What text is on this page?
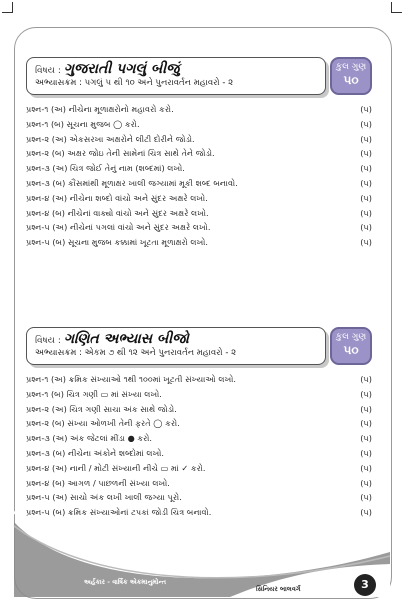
વિષય : ગુજરાતી પગલું બીજું
અભ્યાસક્રમ : પગલું ૫ થી ૧૦ અને પુનરાવર્તન મહાવરો - ૨
કુલ ગુણ
૫૦
પ્રશ્ન-૧ (અ) નીચેના મૂળાક્ષરોનો મહાવરો કરો.	(૫)
પ્રશ્ન-૧ (બ) સૂચના મુજબ ◯ કરો.	(૫)
પ્રશ્ન-૨ (અ) એકસરખા અક્ષરોને લીટી દોરીને જોડો.	(૫)
પ્રશ્ન-૨ (બ) અક્ષર જોઇ તેની સામેનાં ચિત્ર સાથે તેને જોડો.	(૫)
પ્રશ્ન-૩ (અ) ચિત્ર જોઈ તેનું નામ (શબ્દમાં) લખો.	(૫)
પ્રશ્ન-૩ (બ) કૌંસમાંથી મૂળાક્ષર ખાલી જગ્યામાં મૂકી શબ્દ બનાવો.	(૫)
પ્રશ્ન-૪ (અ) નીચેના શબ્દો વાંચો અને સુંદર અક્ષરે લખો.	(૫)
પ્રશ્ન-૪ (બ) નીચેનાં વાક્યો વાંચો અને સુંદર અક્ષરે લખો.	(૫)
પ્રશ્ન-૫ (અ) નીચેનાં પગલાં વાંચો અને સુંદર અક્ષરે લખો.	(૫)
પ્રશ્ન-૫ (બ) સૂચના મુજબ કક્કામાં ખૂટતા મૂળાક્ષરો લખો.	(૫)
વિષય : ગણિત અભ્યાસ બીજો
અભ્યાસક્રમ : એકમ ૭ થી ૧૨ અને પુનરાવર્તન મહાવરો - ૨
કુલ ગુણ
૫૦
પ્રશ્ન-૧ (અ) ક્રમિક સંખ્યાઓ ૧થી ૧૦૦માં ખૂટતી સંખ્યાઓ લખો.	(૫)
પ્રશ્ન-૧ (બ) ચિત્ર ગણી ▭ માં સંખ્યા લખો.	(૫)
પ્રશ્ન-૨ (અ) ચિત્ર ગણી સાચા અંક સાથે જોડો.	(૫)
પ્રશ્ન-૨ (બ) સંખ્યા ઓળખી તેની ફરતે ◯ કરો.	(૫)
પ્રશ્ન-૩ (અ) અંક જેટલાં મીંડા ● કરો.	(૫)
પ્રશ્ન-૩ (બ) નીચેના અંકોને શબ્દોમાં લખો.	(૫)
પ્રશ્ન-૪ (અ) નાની / મોટી સંખ્યાની નીચે ▭ માં ✓ કરો.	(૫)
પ્રશ્ન-૪ (બ) આગળ / પાછળની સંખ્યા લખો.	(૫)
પ્રશ્ન-૫ (અ) સાચો અંક લખી ખાલી જગ્યા પૂરો.	(૫)
પ્રશ્ન-૫ (બ) ક્રમિક સંખ્યાઓનાં ટપકાં જોડી ચિત્ર બનાવો.	(૫)
અર્હકાર - વાર્ષિક એકમાનુમોન્ત
સિનિયર બાલવર્ગ	3
